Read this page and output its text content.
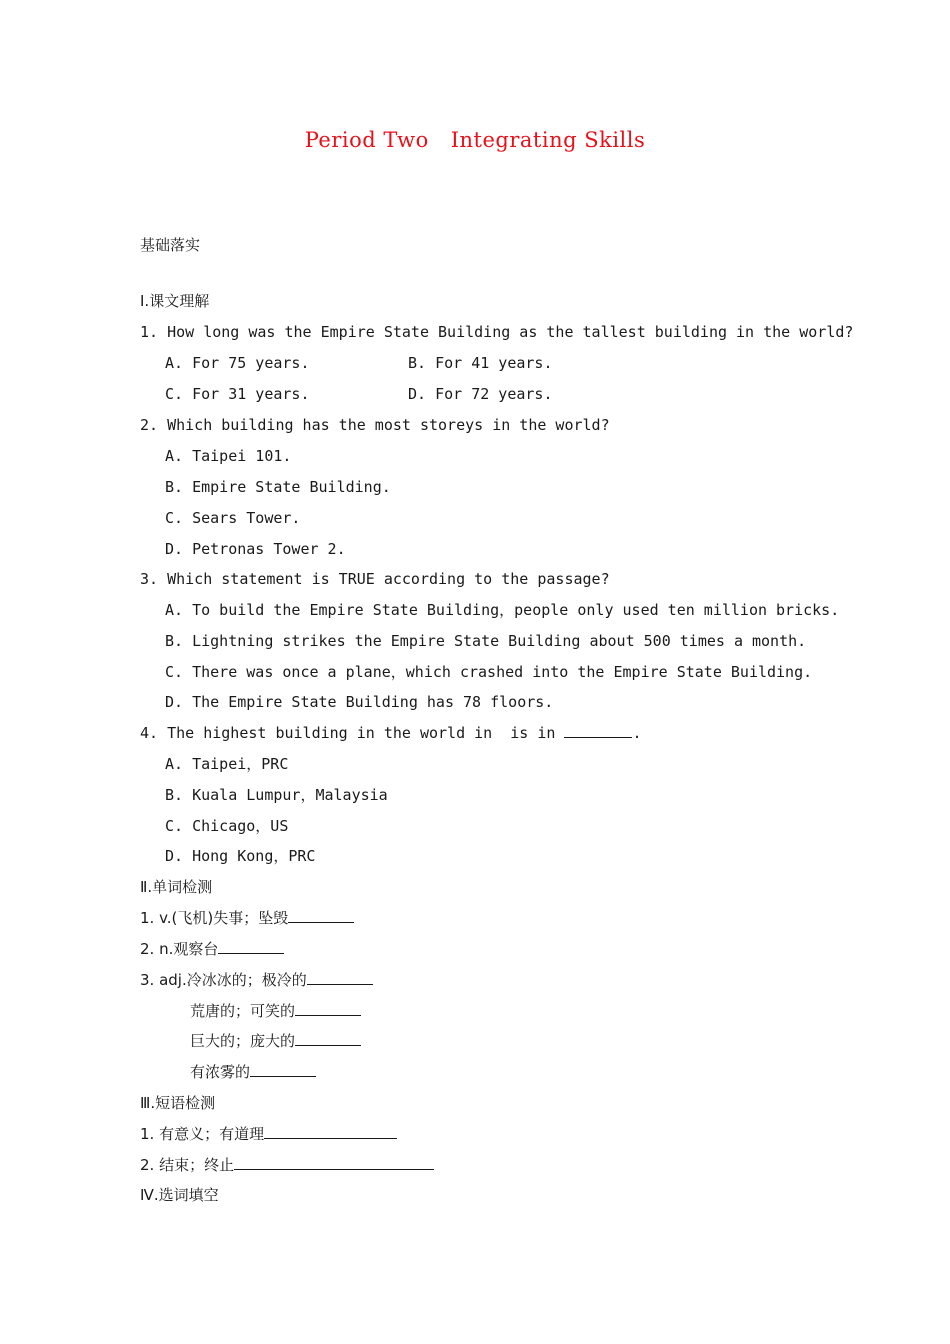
Period Two Integrating Skills
基础落实
Ⅰ.课文理解
1. How long was the Empire State Building as the tallest building in the world?
A. For 75 years.	B. For 41 years.
C. For 31 years.	D. For 72 years.
2. Which building has the most storeys in the world?
A. Taipei 101.
B. Empire State Building.
C. Sears Tower.
D. Petronas Tower 2.
3. Which statement is TRUE according to the passage?
A. To build the Empire State Building，people only used ten million bricks.
B. Lightning strikes the Empire State Building about 500 times a month.
C. There was once a plane，which crashed into the Empire State Building.
D. The Empire State Building has 78 floors.
4. The highest building in the world in  is in	.
A. Taipei，PRC
B. Kuala Lumpur，Malaysia
C. Chicago，US
D. Hong Kong，PRC
Ⅱ.单词检测
1. v.(飞机)失事；坠毁
2. n.观察台
3. adj.冷冰冰的；极冷的
荒唐的；可笑的
巨大的；庞大的
有浓雾的
Ⅲ.短语检测
1. 有意义；有道理
2. 结束；终止
Ⅳ.选词填空
